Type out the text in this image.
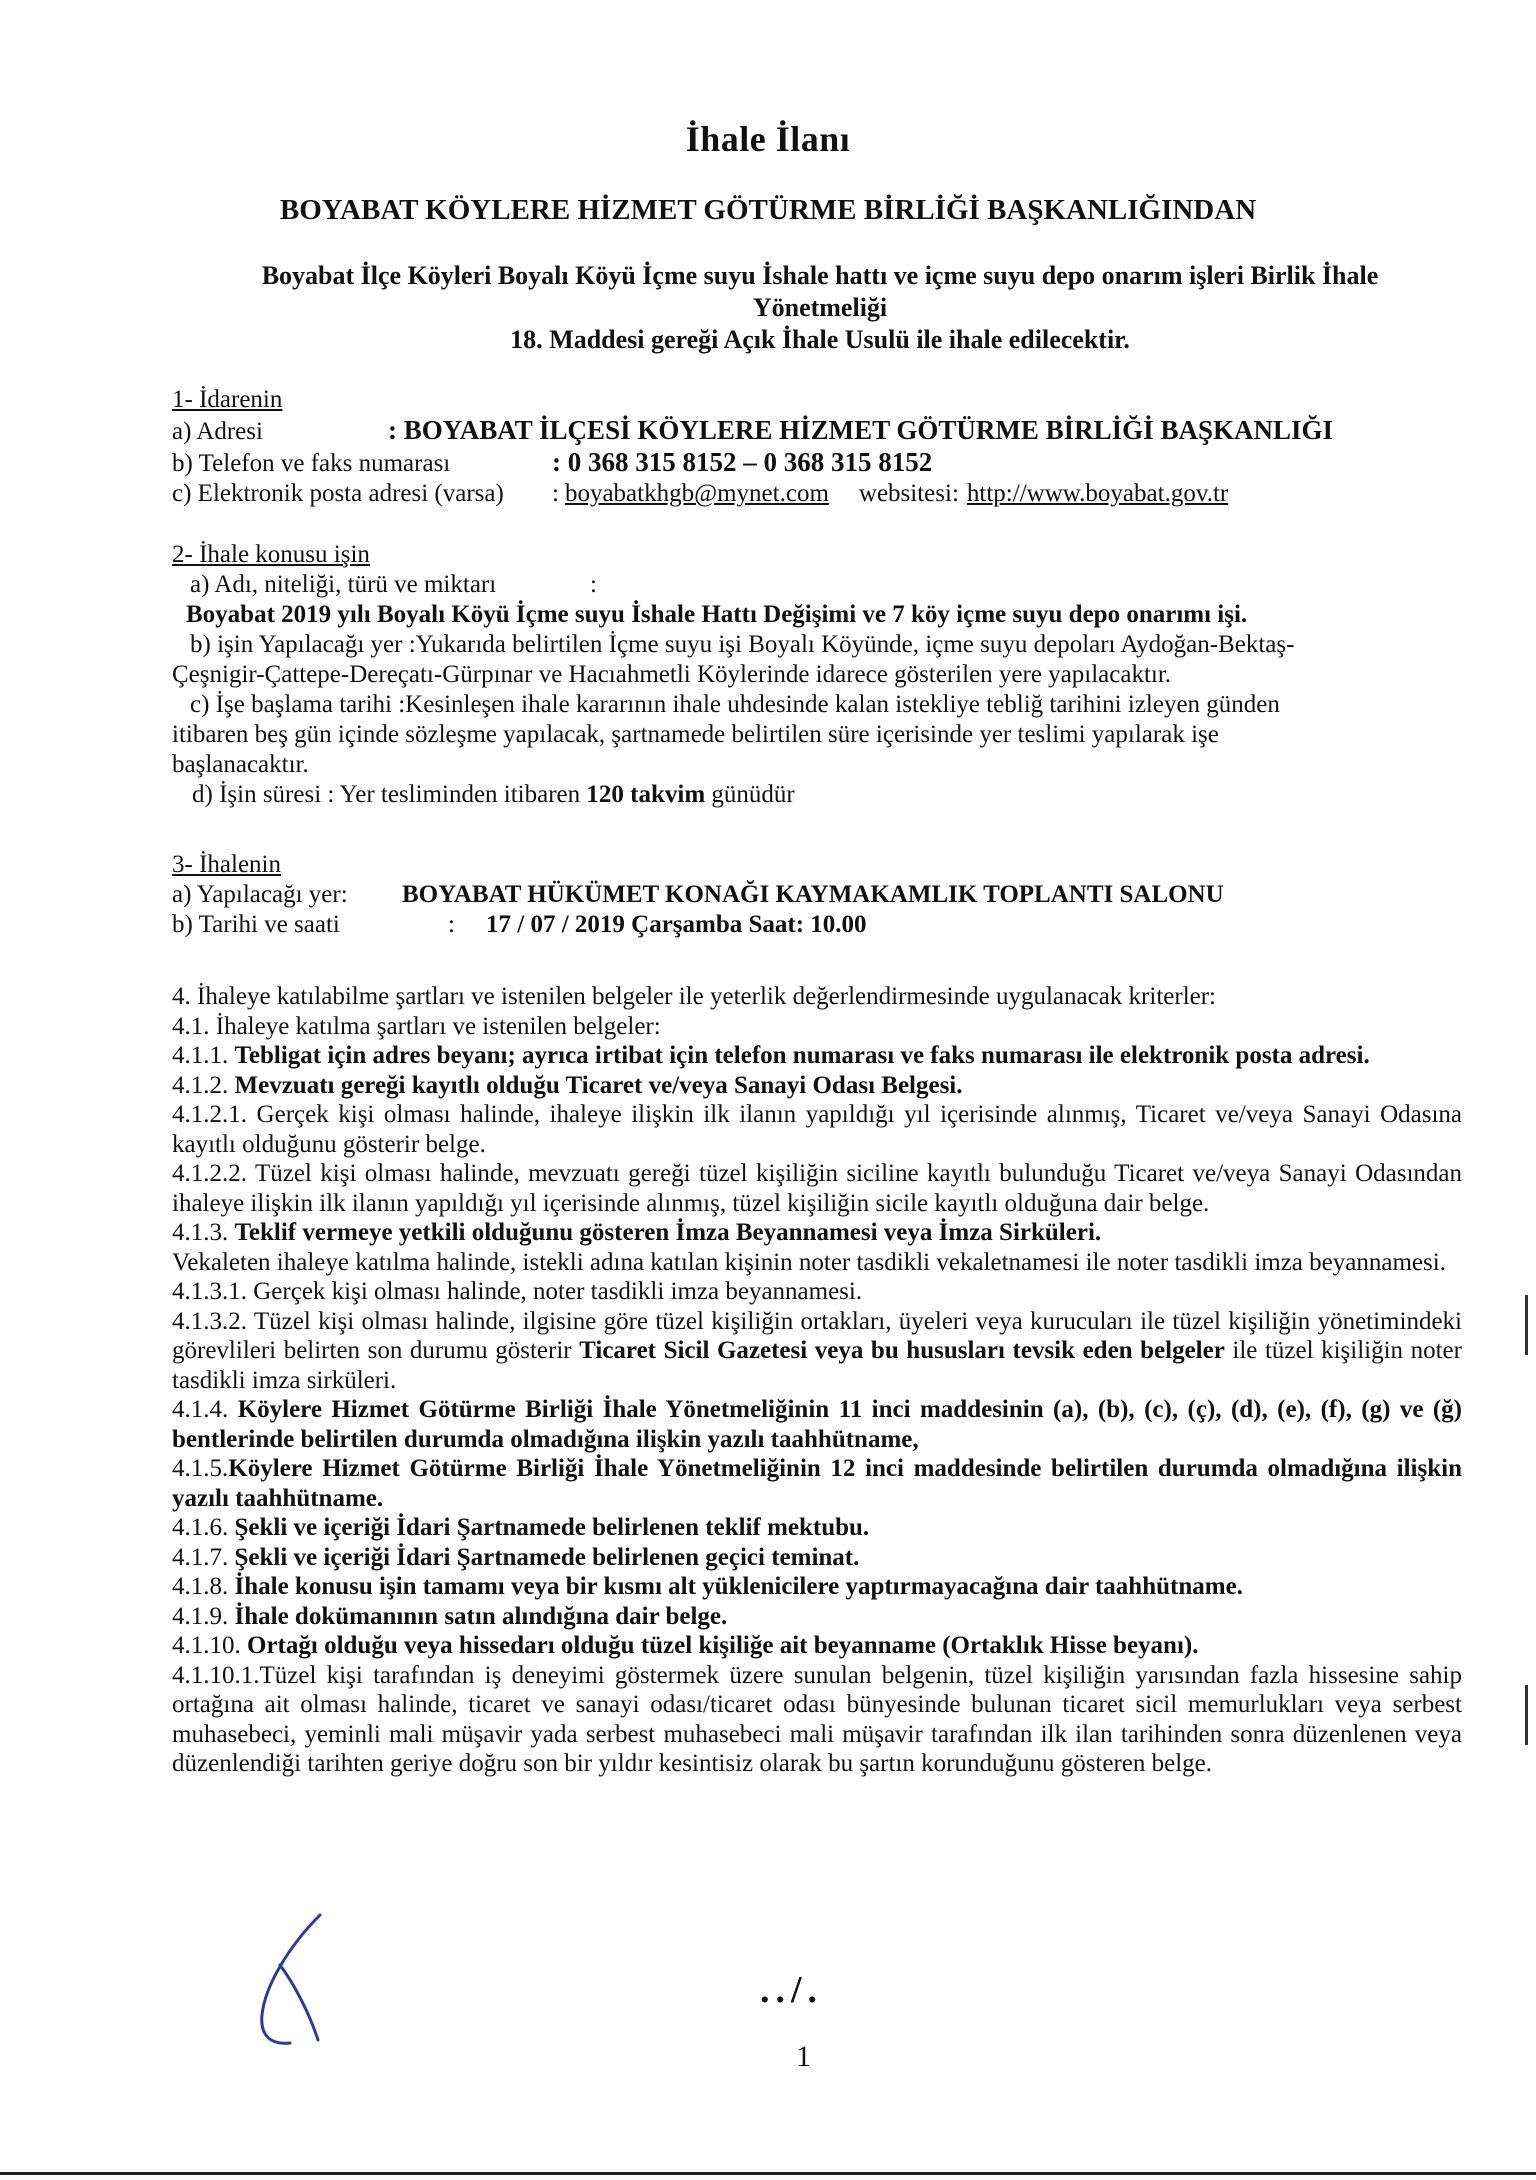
İhale İlanı
BOYABAT KÖYLERE HİZMET GÖTÜRME BİRLİĞİ BAŞKANLIĞINDAN
Boyabat İlçe Köyleri Boyalı Köyü İçme suyu İshale hattı ve içme suyu depo onarım işleri Birlik İhale
Yönetmeliği
18. Maddesi gereği Açık İhale Usulü ile ihale edilecektir.
1- İdarenin
a) Adresi	: BOYABAT İLÇESİ KÖYLERE HİZMET GÖTÜRME BİRLİĞİ BAŞKANLIĞI
b) Telefon ve faks numarası	: 0 368 315 8152 – 0 368 315 8152
c) Elektronik posta adresi (varsa)	: boyabatkhgb@mynet.com websitesi: http://www.boyabat.gov.tr
2- İhale konusu işin
a) Adı, niteliği, türü ve miktarı	:
Boyabat 2019 yılı Boyalı Köyü İçme suyu İshale Hattı Değişimi ve 7 köy içme suyu depo onarımı işi.
b) işin Yapılacağı yer :Yukarıda belirtilen İçme suyu işi Boyalı Köyünde, içme suyu depoları Aydoğan-Bektaş-
Çeşnigir-Çattepe-Dereçatı-Gürpınar ve Hacıahmetli Köylerinde idarece gösterilen yere yapılacaktır.
c) İşe başlama tarihi :Kesinleşen ihale kararının ihale uhdesinde kalan istekliye tebliğ tarihini izleyen günden
itibaren beş gün içinde sözleşme yapılacak, şartnamede belirtilen süre içerisinde yer teslimi yapılarak işe
başlanacaktır.
d) İşin süresi : Yer tesliminden itibaren 120 takvim günüdür
3- İhalenin
a) Yapılacağı yer:	BOYABAT HÜKÜMET KONAĞI KAYMAKAMLIK TOPLANTI SALONU
b) Tarihi ve saati	:	17 / 07 / 2019 Çarşamba Saat: 10.00
4. İhaleye katılabilme şartları ve istenilen belgeler ile yeterlik değerlendirmesinde uygulanacak kriterler:
4.1. İhaleye katılma şartları ve istenilen belgeler:
4.1.1. Tebligat için adres beyanı; ayrıca irtibat için telefon numarası ve faks numarası ile elektronik posta adresi.
4.1.2. Mevzuatı gereği kayıtlı olduğu Ticaret ve/veya Sanayi Odası Belgesi.
4.1.2.1. Gerçek kişi olması halinde, ihaleye ilişkin ilk ilanın yapıldığı yıl içerisinde alınmış, Ticaret ve/veya Sanayi Odasına kayıtlı olduğunu gösterir belge.
4.1.2.2. Tüzel kişi olması halinde, mevzuatı gereği tüzel kişiliğin siciline kayıtlı bulunduğu Ticaret ve/veya Sanayi Odasından ihaleye ilişkin ilk ilanın yapıldığı yıl içerisinde alınmış, tüzel kişiliğin sicile kayıtlı olduğuna dair belge.
4.1.3. Teklif vermeye yetkili olduğunu gösteren İmza Beyannamesi veya İmza Sirküleri.
Vekaleten ihaleye katılma halinde, istekli adına katılan kişinin noter tasdikli vekaletnamesi ile noter tasdikli imza beyannamesi.
4.1.3.1. Gerçek kişi olması halinde, noter tasdikli imza beyannamesi.
4.1.3.2. Tüzel kişi olması halinde, ilgisine göre tüzel kişiliğin ortakları, üyeleri veya kurucuları ile tüzel kişiliğin yönetimindeki görevlileri belirten son durumu gösterir Ticaret Sicil Gazetesi veya bu hususları tevsik eden belgeler ile tüzel kişiliğin noter tasdikli imza sirküleri.
4.1.4. Köylere Hizmet Götürme Birliği İhale Yönetmeliğinin 11 inci maddesinin (a), (b), (c), (ç), (d), (e), (f), (g) ve (ğ) bentlerinde belirtilen durumda olmadığına ilişkin yazılı taahhütname,
4.1.5.Köylere Hizmet Götürme Birliği İhale Yönetmeliğinin 12 inci maddesinde belirtilen durumda olmadığına ilişkin yazılı taahhütname.
4.1.6. Şekli ve içeriği İdari Şartnamede belirlenen teklif mektubu.
4.1.7. Şekli ve içeriği İdari Şartnamede belirlenen geçici teminat.
4.1.8. İhale konusu işin tamamı veya bir kısmı alt yüklenicilere yaptırmayacağına dair taahhütname.
4.1.9. İhale dokümanının satın alındığına dair belge.
4.1.10. Ortağı olduğu veya hissedarı olduğu tüzel kişiliğe ait beyanname (Ortaklık Hisse beyanı).
4.1.10.1.Tüzel kişi tarafından iş deneyimi göstermek üzere sunulan belgenin, tüzel kişiliğin yarısından fazla hissesine sahip ortağına ait olması halinde, ticaret ve sanayi odası/ticaret odası bünyesinde bulunan ticaret sicil memurlukları veya serbest muhasebeci, yeminli mali müşavir yada serbest muhasebeci mali müşavir tarafından ilk ilan tarihinden sonra düzenlenen veya düzenlendiği tarihten geriye doğru son bir yıldır kesintisiz olarak bu şartın korunduğunu gösteren belge.
../.
1
